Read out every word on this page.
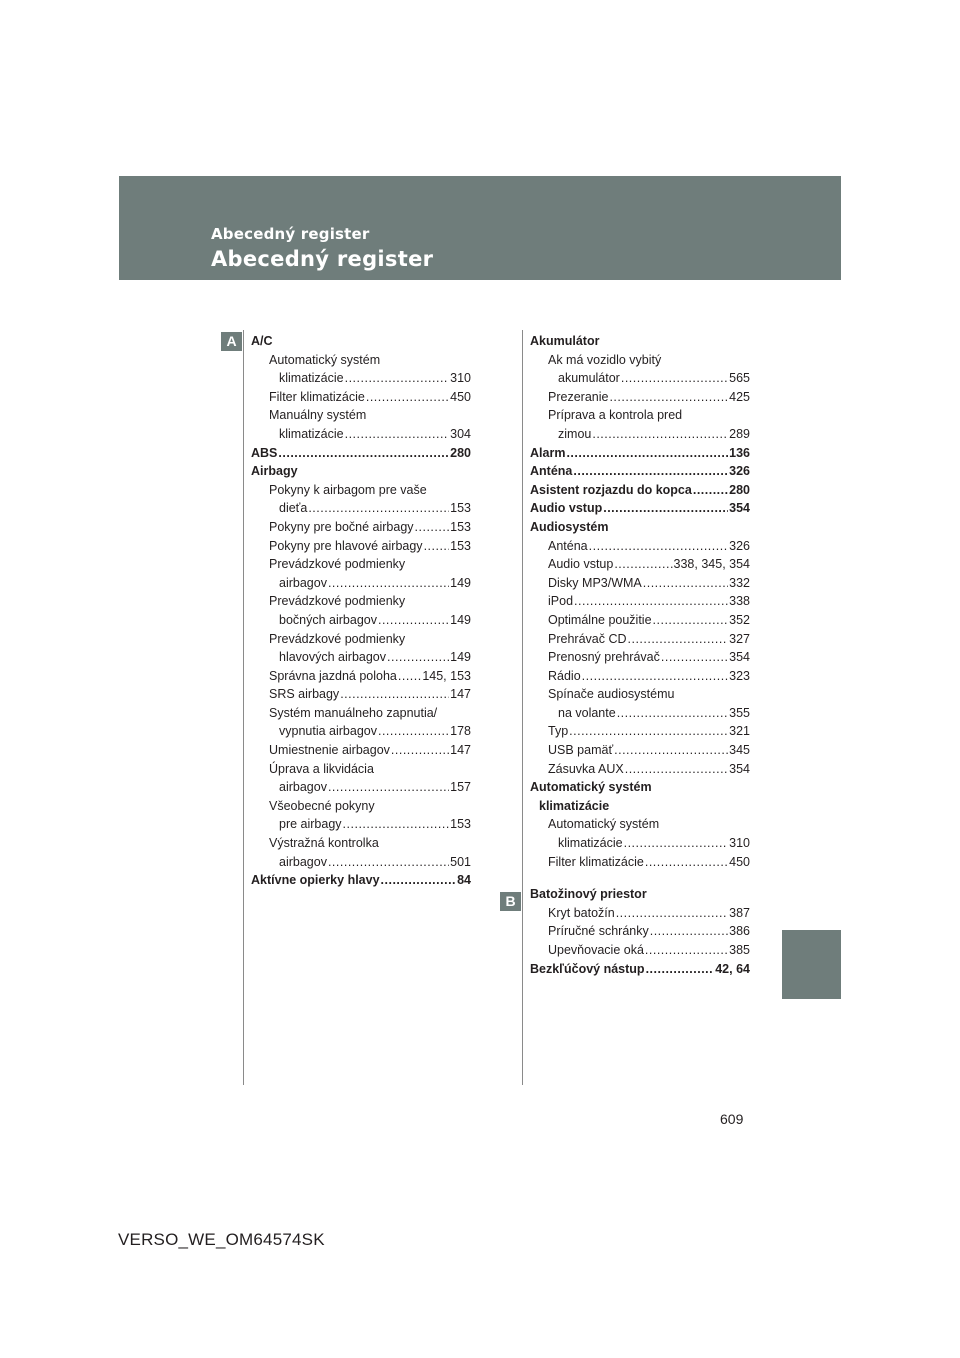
Abecedný register
Abecedný register
A
B
A/C
Automatický systém
klimatizácie .....	310
Filter klimatizácie .....	450
Manuálny systém
klimatizácie .....	304
ABS .....	280
Airbagy
Pokyny k airbagom pre vaše
dieťa .....	153
Pokyny pre bočné airbagy .....	153
Pokyny pre hlavové airbagy ..... 153
Prevádzkové podmienky
airbagov .....	149
Prevádzkové podmienky
bočných airbagov .....	149
Prevádzkové podmienky
hlavových airbagov .....	149
Správna jazdná poloha ..... 145, 153
SRS airbagy .....	147
Systém manuálneho zapnutia/
vypnutia airbagov .....	178
Umiestnenie airbagov .....	147
Úprava a likvidácia
airbagov .....	157
Všeobecné pokyny
pre airbagy .....	153
Výstražná kontrolka
airbagov .....	501
Aktívne opierky hlavy .....	84
Akumulátor
Ak má vozidlo vybitý
akumulátor .....	565
Prezeranie .....	425
Príprava a kontrola pred
zimou .....	289
Alarm .....	136
Anténa .....	326
Asistent rozjazdu do kopca .....	280
Audio vstup .....	354
Audiosystém
Anténa .....	326
Audio vstup .....	338, 345, 354
Disky MP3/WMA .....	332
iPod .....	338
Optimálne použitie .....	352
Prehrávač CD .....	327
Prenosný prehrávač .....	354
Rádio .....	323
Spínače audiosystému
na volante .....	355
Typ .....	321
USB pamäť .....	345
Zásuvka AUX .....	354
Automatický systém
klimatizácie
Automatický systém
klimatizácie .....	310
Filter klimatizácie .....	450
Batožinový priestor
Kryt batožín .....	387
Príručné schránky .....	386
Upevňovacie oká .....	385
Bezkľúčový nástup .....	42, 64
609
VERSO_WE_OM64574SK
